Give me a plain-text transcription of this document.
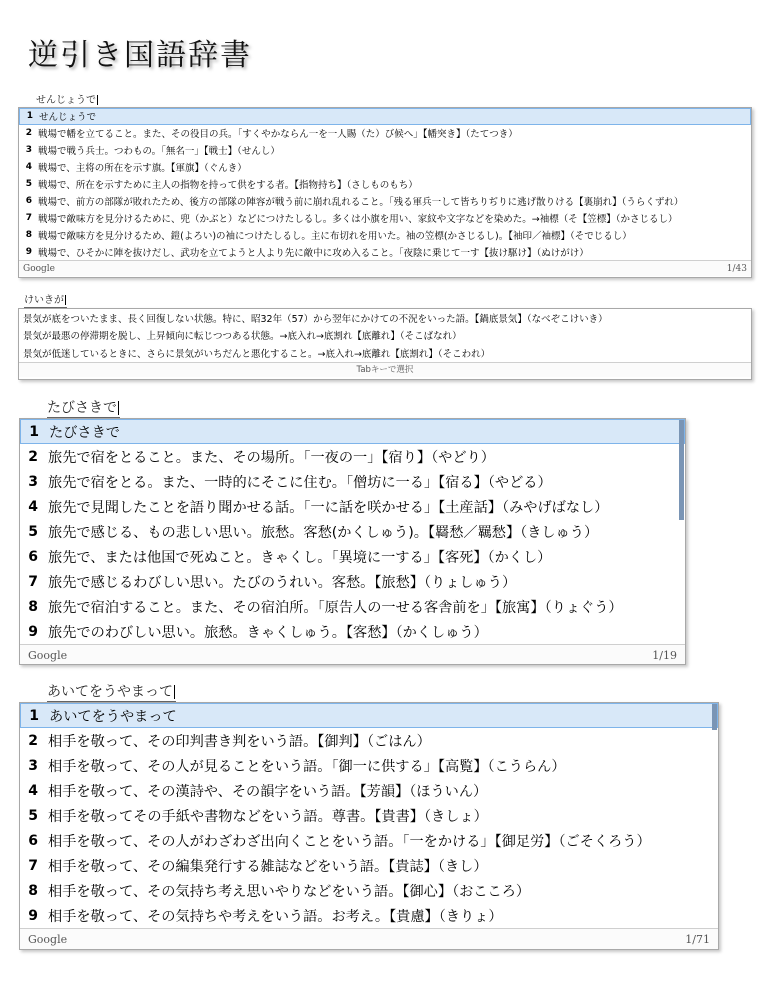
逆引き国語辞書
せんじょうで
1 せんじょうで
2 戦場で幡を立てること。また、その役目の兵。「すくやかならん一を一人賜（た）び候へ」【幡突き】（たてつき）
3 戦場で戦う兵士。つわもの。「無名一」【戦士】（せんし）
4 戦場で、主将の所在を示す旗。【軍旗】（ぐんき）
5 戦場で、所在を示すために主人の指物を持って供をする者。【指物持ち】（さしものもち）
6 戦場で、前方の部隊が敗れたため、後方の部隊の陣容が戦う前に崩れ乱れること。「残る軍兵一して皆ちりぢりに逃げ散りける【裏崩れ】（うらくずれ）
7 戦場で敵味方を見分けるために、兜（かぶと）などにつけたしるし。多くは小旗を用い、家紋や文字などを染めた。→袖標（そ【笠標】（かさじるし）
8 戦場で敵味方を見分けるため、鎧(よろい)の袖につけたしるし。主に布切れを用いた。袖の笠標(かさじるし)。【袖印／袖標】（そでじるし）
9 戦場で、ひそかに陣を抜けだし、武功を立てようと人より先に敵中に攻め入ること。「夜陰に乗じて一す【抜け駆け】（ぬけがけ）
Google	1/43
けいきが
景気が底をついたまま、長く回復しない状態。特に、昭32年（57）から翌年にかけての不況をいった語。【鍋底景気】（なべぞこけいき）
景気が最悪の停滞期を脱し、上昇傾向に転じつつある状態。→底入れ→底割れ【底離れ】（そこばなれ）
景気が低迷しているときに、さらに景気がいちだんと悪化すること。→底入れ→底離れ【底割れ】（そこわれ）
Tabキーで選択
たびさきで
1 たびさきで
2 旅先で宿をとること。また、その場所。「一夜の一」【宿り】（やどり）
3 旅先で宿をとる。また、一時的にそこに住む。「僧坊に一る」【宿る】（やどる）
4 旅先で見聞したことを語り聞かせる話。「一に話を咲かせる」【土産話】（みやげばなし）
5 旅先で感じる、もの悲しい思い。旅愁。客愁(かくしゅう)。【羇愁／羈愁】（きしゅう）
6 旅先で、または他国で死ぬこと。きゃくし。「異境に一する」【客死】（かくし）
7 旅先で感じるわびしい思い。たびのうれい。客愁。【旅愁】（りょしゅう）
8 旅先で宿泊すること。また、その宿泊所。「原告人の一せる客舎前を」【旅寓】（りょぐう）
9 旅先でのわびしい思い。旅愁。きゃくしゅう。【客愁】（かくしゅう）
Google	1/19
あいてをうやまって
1 あいてをうやまって
2 相手を敬って、その印判書き判をいう語。【御判】（ごはん）
3 相手を敬って、その人が見ることをいう語。「御一に供する」【高覧】（こうらん）
4 相手を敬って、その漢詩や、その韻字をいう語。【芳韻】（ほういん）
5 相手を敬ってその手紙や書物などをいう語。尊書。【貴書】（きしょ）
6 相手を敬って、その人がわざわざ出向くことをいう語。「一をかける」【御足労】（ごそくろう）
7 相手を敬って、その編集発行する雑誌などをいう語。【貴誌】（きし）
8 相手を敬って、その気持ち考え思いやりなどをいう語。【御心】（おこころ）
9 相手を敬って、その気持ちや考えをいう語。お考え。【貴慮】（きりょ）
Google	1/71
